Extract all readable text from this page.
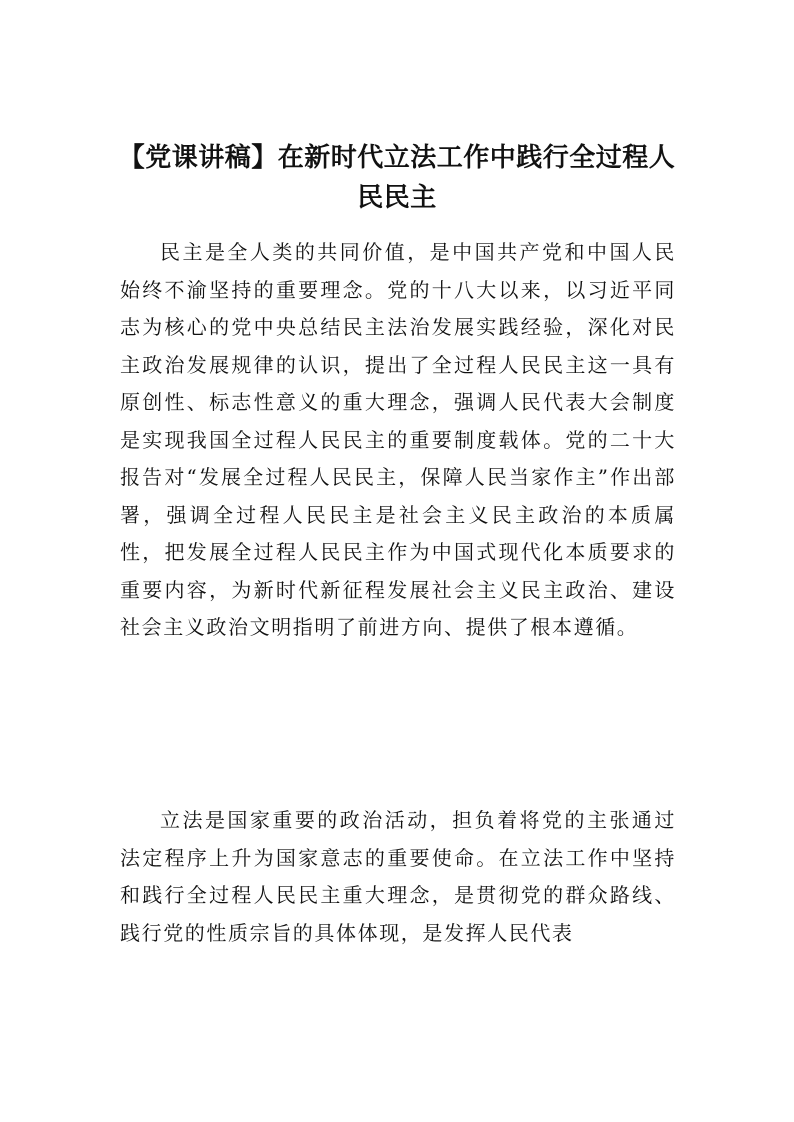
【党课讲稿】在新时代立法工作中践行全过程人民民主

民主是全人类的共同价值，是中国共产党和中国人民始终不渝坚持的重要理念。党的十八大以来，以习近平同志为核心的党中央总结民主法治发展实践经验，深化对民主政治发展规律的认识，提出了全过程人民民主这一具有原创性、标志性意义的重大理念，强调人民代表大会制度是实现我国全过程人民民主的重要制度载体。党的二十大报告对“发展全过程人民民主，保障人民当家作主”作出部署，强调全过程人民民主是社会主义民主政治的本质属性，把发展全过程人民民主作为中国式现代化本质要求的重要内容，为新时代新征程发展社会主义民主政治、建设社会主义政治文明指明了前进方向、提供了根本遵循。

立法是国家重要的政治活动，担负着将党的主张通过法定程序上升为国家意志的重要使命。在立法工作中坚持和践行全过程人民民主重大理念，是贯彻党的群众路线、践行党的性质宗旨的具体体现，是发挥人民代表
